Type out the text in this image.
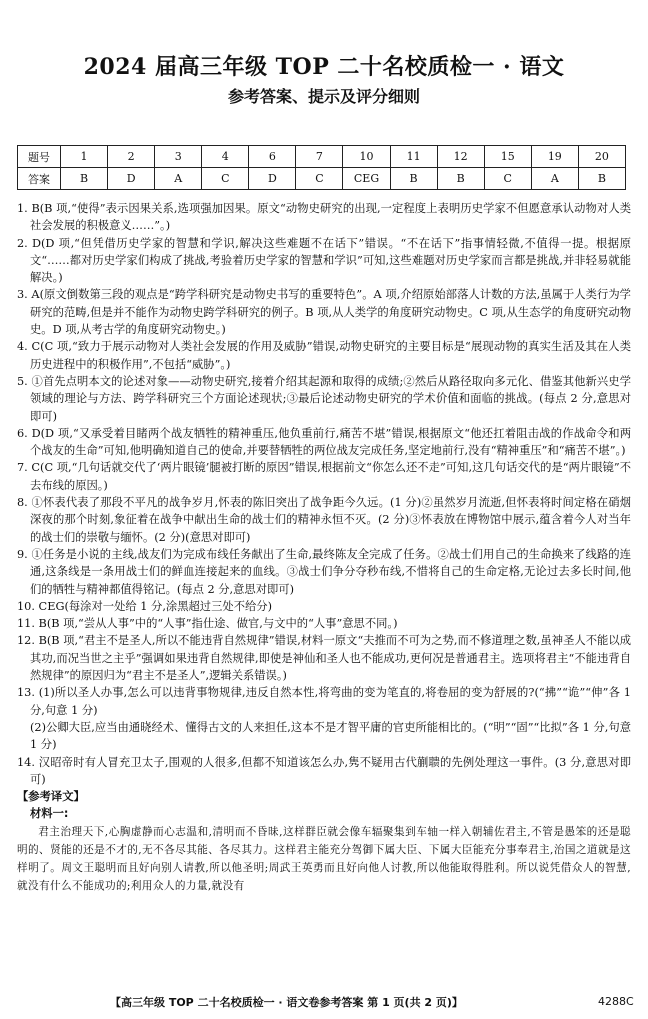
2024 届高三年级 TOP 二十名校质检一 · 语文
参考答案、提示及评分细则
题号	1	2	3	4	6	7	10	11	12	15	19	20
答案	B	D	A	C	D	C	CEG	B	B	C	A	B

1. B(B 项,“使得”表示因果关系,选项强加因果。原文“动物史研究的出现,一定程度上表明历史学家不但愿意承认动物对人类社会发展的积极意义……”。)

2. D(D 项,“但凭借历史学家的智慧和学识,解决这些难题不在话下”错误。“不在话下”指事情轻微,不值得一提。根据原文“……都对历史学家们构成了挑战,考验着历史学家的智慧和学识”可知,这些难题对历史学家而言都是挑战,并非轻易就能解决。)

3. A(原文倒数第三段的观点是“跨学科研究是动物史书写的重要特色”。A 项,介绍原始部落人计数的方法,虽属于人类行为学研究的范畴,但是并不能作为动物史跨学科研究的例子。B 项,从人类学的角度研究动物史。C 项,从生态学的角度研究动物史。D 项,从考古学的角度研究动物史。)

4. C(C 项,“致力于展示动物对人类社会发展的作用及威胁”错误,动物史研究的主要目标是“展现动物的真实生活及其在人类历史进程中的积极作用”,不包括“威胁”。)

5. ①首先点明本文的论述对象——动物史研究,接着介绍其起源和取得的成绩;②然后从路径取向多元化、借鉴其他新兴史学领域的理论与方法、跨学科研究三个方面论述现状;③最后论述动物史研究的学术价值和面临的挑战。(每点 2 分,意思对即可)

6. D(D 项,“又承受着目睹两个战友牺牲的精神重压,他负重前行,痛苦不堪”错误,根据原文“他还扛着阻击战的作战命令和两个战友的生命”可知,他明确知道自己的使命,并要替牺牲的两位战友完成任务,坚定地前行,没有“精神重压”和“痛苦不堪”。)

7. C(C 项,“几句话就交代了‘两片眼镜’腿被打断的原因”错误,根据前文“你怎么还不走”可知,这几句话交代的是“两片眼镜”不去布线的原因。)

8. ①怀表代表了那段不平凡的战争岁月,怀表的陈旧突出了战争距今久远。(1 分)②虽然岁月流逝,但怀表将时间定格在硝烟深夜的那个时刻,象征着在战争中献出生命的战士们的精神永恒不灭。(2 分)③怀表放在博物馆中展示,蕴含着今人对当年的战士们的崇敬与缅怀。(2 分)(意思对即可)

9. ①任务是小说的主线,战友们为完成布线任务献出了生命,最终陈友全完成了任务。②战士们用自己的生命换来了线路的连通,这条线是一条用战士们的鲜血连接起来的血线。③战士们争分夺秒布线,不惜将自己的生命定格,无论过去多长时间,他们的牺牲与精神都值得铭记。(每点 2 分,意思对即可)

10. CEG(每涂对一处给 1 分,涂黑超过三处不给分)

11. B(B 项,“尝从人事”中的“人事”指仕途、做官,与文中的“人事”意思不同。)

12. B(B 项,“君主不是圣人,所以不能违背自然规律”错误,材料一原文“夫推而不可为之势,而不修道理之数,虽神圣人不能以成其功,而况当世之主乎”强调如果违背自然规律,即使是神仙和圣人也不能成功,更何况是普通君主。选项将君主“不能违背自然规律”的原因归为“君主不是圣人”,逻辑关系错误。)

13. (1)所以圣人办事,怎么可以违背事物规律,违反自然本性,将弯曲的变为笔直的,将卷屈的变为舒展的?(“拂”“诡”“伸”各 1 分,句意 1 分)

(2)公卿大臣,应当由通晓经术、懂得古文的人来担任,这本不是才智平庸的官吏所能相比的。(“明”“固”“比拟”各 1 分,句意 1 分)

14. 汉昭帝时有人冒充卫太子,围观的人很多,但都不知道该怎么办,隽不疑用古代蒯聩的先例处理这一事件。(3 分,意思对即可)

【参考译文】

材料一:

君主治理天下,心胸虚静而心志温和,清明而不昏昧,这样群臣就会像车辐聚集到车轴一样入朝辅佐君主,不管是愚笨的还是聪明的、贤能的还是不才的,无不各尽其能、各尽其力。这样君主能充分驾御下属大臣、下属大臣能充分事奉君主,治国之道就是这样明了。周文王聪明而且好向别人请教,所以他圣明;周武王英勇而且好向他人讨教,所以他能取得胜利。所以说凭借众人的智慧,就没有什么不能成功的;利用众人的力量,就没有

【高三年级 TOP 二十名校质检一 · 语文卷参考答案 第 1 页(共 2 页)】	4288C
